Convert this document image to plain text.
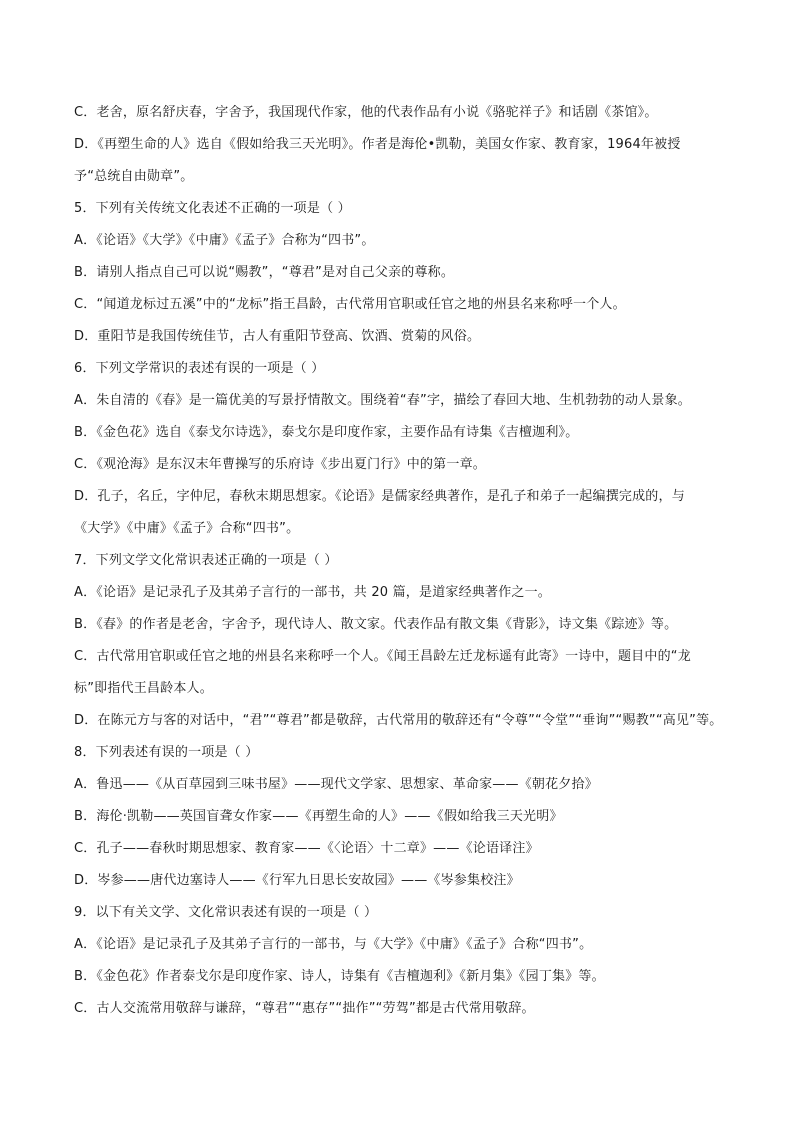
C．老舍，原名舒庆春，字舍予，我国现代作家，他的代表作品有小说《骆驼祥子》和话剧《茶馆》。
D．《再塑生命的人》选自《假如给我三天光明》。作者是海伦•凯勒，美国女作家、教育家，1964年被授
予“总统自由勋章”。
5．下列有关传统文化表述不正确的一项是（ ）
A．《论语》《大学》《中庸》《孟子》合称为“四书”。
B．请别人指点自己可以说“赐教”，“尊君”是对自己父亲的尊称。
C．“闻道龙标过五溪”中的“龙标”指王昌龄，古代常用官职或任官之地的州县名来称呼一个人。
D．重阳节是我国传统佳节，古人有重阳节登高、饮酒、赏菊的风俗。
6．下列文学常识的表述有误的一项是（ ）
A．朱自清的《春》是一篇优美的写景抒情散文。围绕着“春”字，描绘了春回大地、生机勃勃的动人景象。
B．《金色花》选自《泰戈尔诗选》，泰戈尔是印度作家，主要作品有诗集《吉檀迦利》。
C．《观沧海》是东汉末年曹操写的乐府诗《步出夏门行》中的第一章。
D．孔子，名丘，字仲尼，春秋末期思想家。《论语》是儒家经典著作，是孔子和弟子一起编撰完成的，与
《大学》《中庸》《孟子》合称“四书”。
7．下列文学文化常识表述正确的一项是（ ）
A．《论语》是记录孔子及其弟子言行的一部书，共 20 篇，是道家经典著作之一。
B．《春》的作者是老舍，字舍予，现代诗人、散文家。代表作品有散文集《背影》，诗文集《踪迹》等。
C．古代常用官职或任官之地的州县名来称呼一个人。《闻王昌龄左迁龙标遥有此寄》一诗中，题目中的“龙
标”即指代王昌龄本人。
D．在陈元方与客的对话中，“君”“尊君”都是敬辞，古代常用的敬辞还有“令尊”“令堂”“垂询”“赐教”“高见”等。
8．下列表述有误的一项是（ ）
A．鲁迅——《从百草园到三味书屋》——现代文学家、思想家、革命家——《朝花夕拾》
B．海伦·凯勒——英国盲聋女作家——《再塑生命的人》——《假如给我三天光明》
C．孔子——春秋时期思想家、教育家——《〈论语〉十二章》——《论语译注》
D．岑参——唐代边塞诗人——《行军九日思长安故园》——《岑参集校注》
9．以下有关文学、文化常识表述有误的一项是（ ）
A．《论语》是记录孔子及其弟子言行的一部书，与《大学》《中庸》《孟子》合称“四书”。
B．《金色花》作者泰戈尔是印度作家、诗人，诗集有《吉檀迦利》《新月集》《园丁集》等。
C．古人交流常用敬辞与谦辞，“尊君”“惠存”“拙作”“劳驾”都是古代常用敬辞。
